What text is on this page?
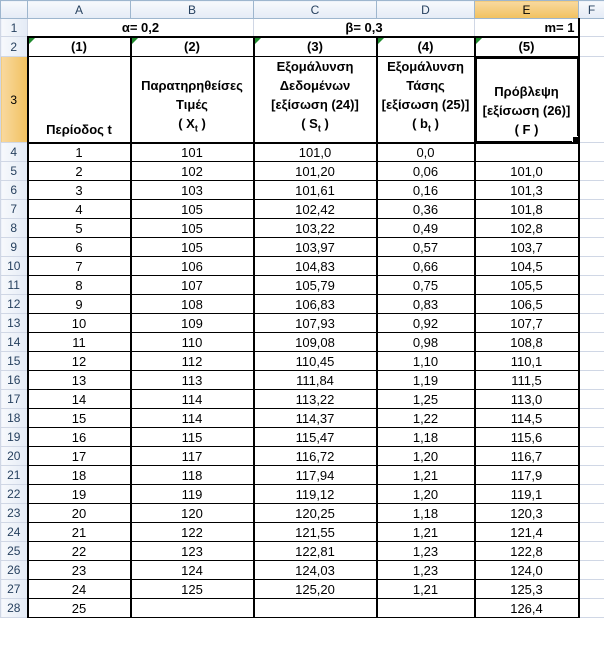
	A	B	C	D	E	F
1	α= 0,2		β= 0,3		m= 1	
2	(1)	(2)	(3)	(4)	(5)	
3	Περίοδος t	Παρατηρηθείσες
Τιμές
( $X_t$ )	Εξομάλυνση
Δεδομένων
[εξίσωση (24)]
( $S_t$ )	Εξομάλυνση
Τάσης
[εξίσωση (25)]
( $b_t$ )	Πρόβλεψη
[εξίσωση (26)]
( F )	

4	1	101	101,0	0,0		
5	2	102	101,20	0,06	101,0	
6	3	103	101,61	0,16	101,3	
7	4	105	102,42	0,36	101,8	
8	5	105	103,22	0,49	102,8	
9	6	105	103,97	0,57	103,7	
10	7	106	104,83	0,66	104,5	
11	8	107	105,79	0,75	105,5	
12	9	108	106,83	0,83	106,5	
13	10	109	107,93	0,92	107,7	
14	11	110	109,08	0,98	108,8	
15	12	112	110,45	1,10	110,1	
16	13	113	111,84	1,19	111,5	
17	14	114	113,22	1,25	113,0	
18	15	114	114,37	1,22	114,5	
19	16	115	115,47	1,18	115,6	
20	17	117	116,72	1,20	116,7	
21	18	118	117,94	1,21	117,9	
22	19	119	119,12	1,20	119,1	
23	20	120	120,25	1,18	120,3	
24	21	122	121,55	1,21	121,4	
25	22	123	122,81	1,23	122,8	
26	23	124	124,03	1,23	124,0	
27	24	125	125,20	1,21	125,3	
28	25				126,4	
